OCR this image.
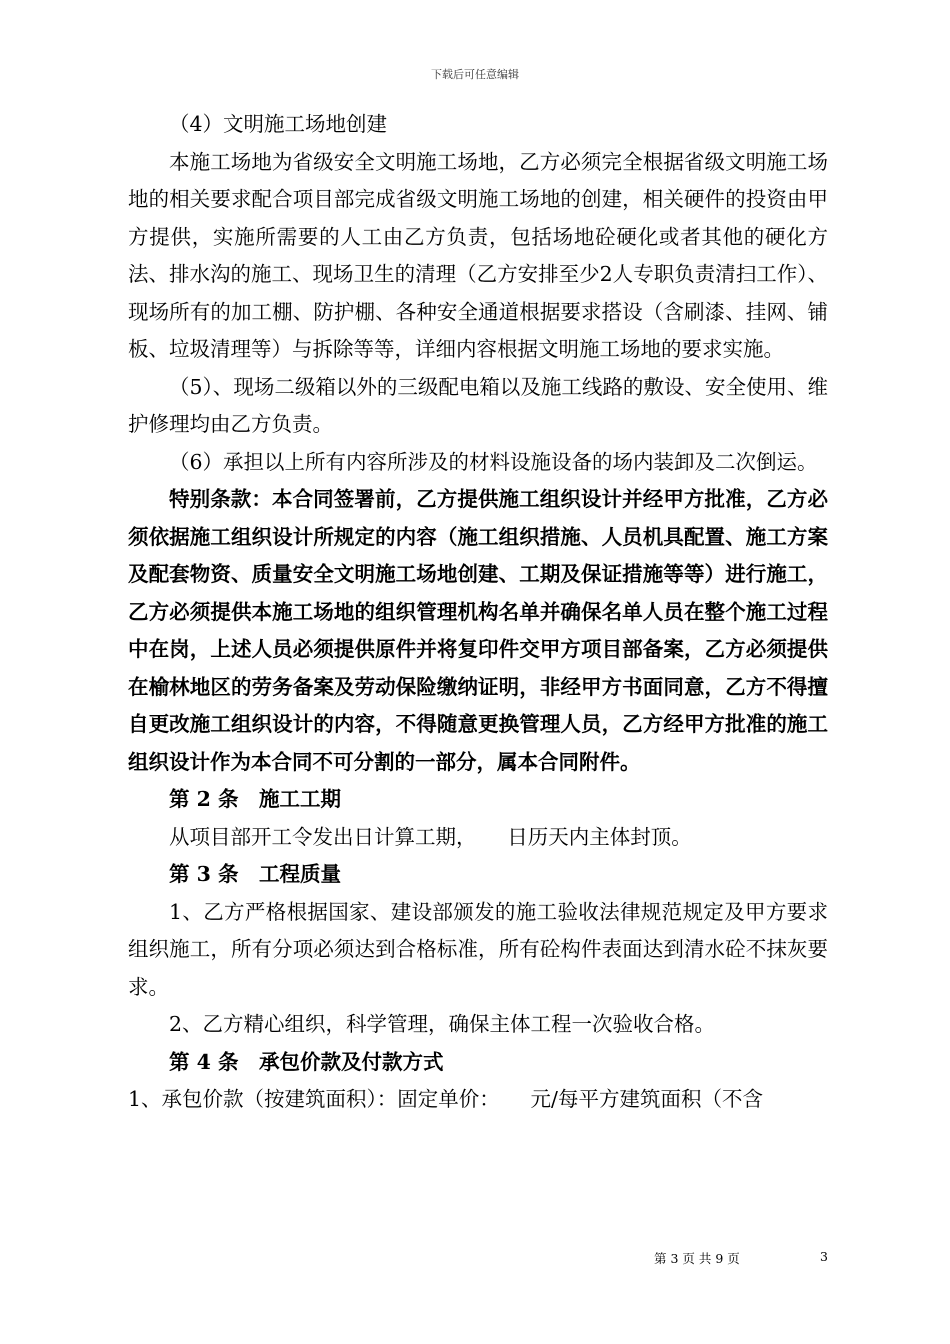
下载后可任意编辑

（4）文明施工场地创建

本施工场地为省级安全文明施工场地，乙方必须完全根据省级文明施工场地的相关要求配合项目部完成省级文明施工场地的创建，相关硬件的投资由甲方提供，实施所需要的人工由乙方负责，包括场地砼硬化或者其他的硬化方法、排水沟的施工、现场卫生的清理（乙方安排至少2人专职负责清扫工作）、现场所有的加工棚、防护棚、各种安全通道根据要求搭设（含刷漆、挂网、铺板、垃圾清理等）与拆除等等，详细内容根据文明施工场地的要求实施。

（5）、现场二级箱以外的三级配电箱以及施工线路的敷设、安全使用、维护修理均由乙方负责。

（6）承担以上所有内容所涉及的材料设施设备的场内装卸及二次倒运。

特别条款：本合同签署前，乙方提供施工组织设计并经甲方批准，乙方必须依据施工组织设计所规定的内容（施工组织措施、人员机具配置、施工方案及配套物资、质量安全文明施工场地创建、工期及保证措施等等）进行施工，乙方必须提供本施工场地的组织管理机构名单并确保名单人员在整个施工过程中在岗，上述人员必须提供原件并将复印件交甲方项目部备案，乙方必须提供在榆林地区的劳务备案及劳动保险缴纳证明，非经甲方书面同意，乙方不得擅自更改施工组织设计的内容，不得随意更换管理人员，乙方经甲方批准的施工组织设计作为本合同不可分割的一部分，属本合同附件。

第 2 条　施工工期

从项目部开工令发出日计算工期，　　日历天内主体封顶。

第 3 条　工程质量

1、乙方严格根据国家、建设部颁发的施工验收法律规范规定及甲方要求组织施工，所有分项必须达到合格标准，所有砼构件表面达到清水砼不抹灰要求。

2、乙方精心组织，科学管理，确保主体工程一次验收合格。

第 4 条　承包价款及付款方式

1、承包价款（按建筑面积）：固定单价：　　元/每平方建筑面积（不含

第 3 页 共 9 页	3
